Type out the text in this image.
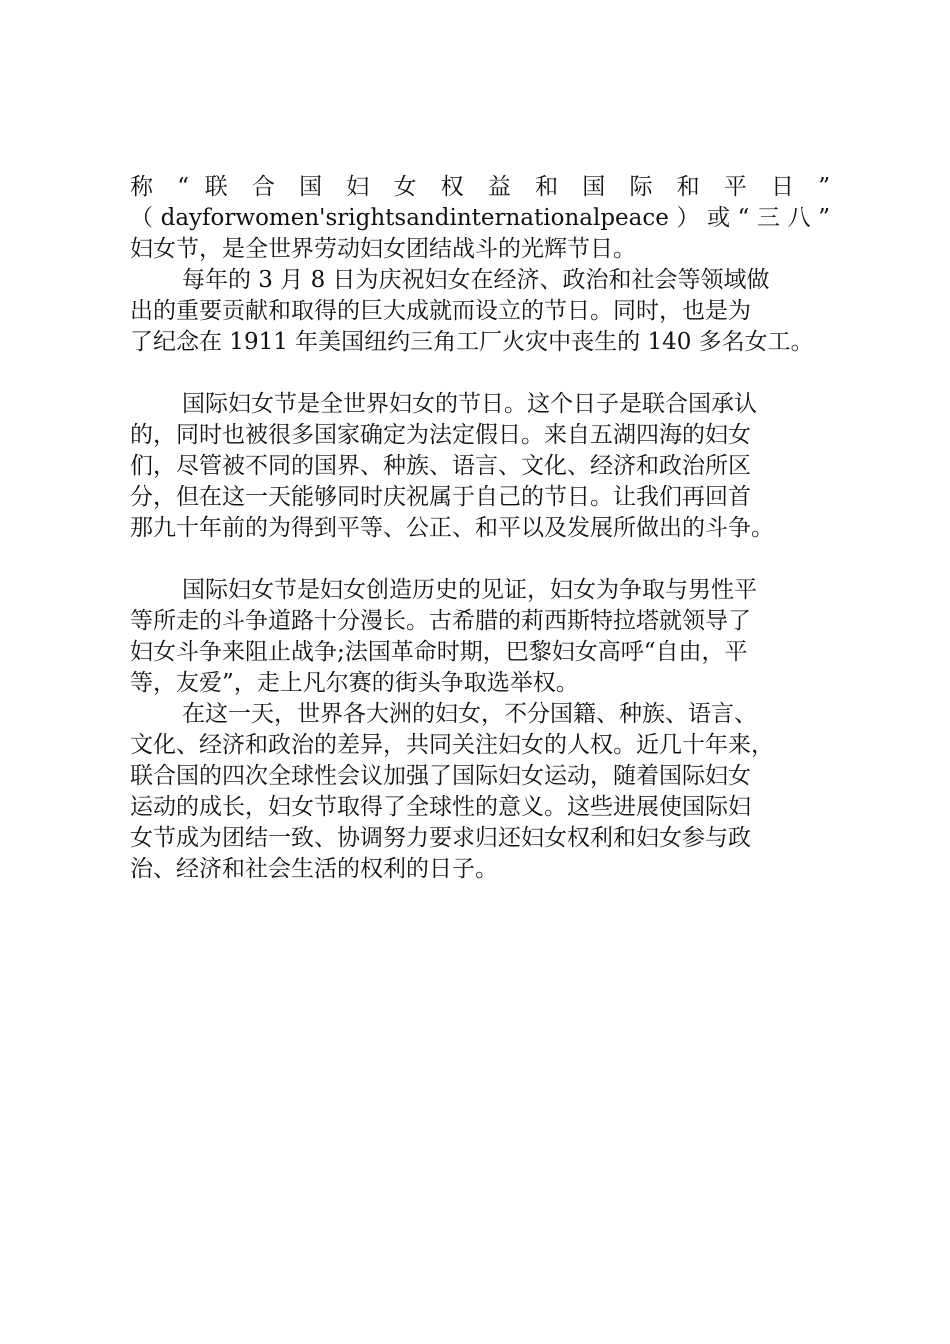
称 “ 联 合 国 妇 女 权 益 和 国 际 和 平 日 ”
（dayforwomen'srightsandinternationalpeace）或“三八”
妇女节，是全世界劳动妇女团结战斗的光辉节日。
每年的 3 月 8 日为庆祝妇女在经济、政治和社会等领域做
出的重要贡献和取得的巨大成就而设立的节日。同时，也是为
了纪念在 1911 年美国纽约三角工厂火灾中丧生的 140 多名女工。
国际妇女节是全世界妇女的节日。这个日子是联合国承认
的，同时也被很多国家确定为法定假日。来自五湖四海的妇女
们，尽管被不同的国界、种族、语言、文化、经济和政治所区
分，但在这一天能够同时庆祝属于自己的节日。让我们再回首
那九十年前的为得到平等、公正、和平以及发展所做出的斗争。
国际妇女节是妇女创造历史的见证，妇女为争取与男性平
等所走的斗争道路十分漫长。古希腊的莉西斯特拉塔就领导了
妇女斗争来阻止战争;法国革命时期，巴黎妇女高呼“自由，平
等，友爱”，走上凡尔赛的街头争取选举权。
在这一天，世界各大洲的妇女，不分国籍、种族、语言、
文化、经济和政治的差异，共同关注妇女的人权。近几十年来，
联合国的四次全球性会议加强了国际妇女运动，随着国际妇女
运动的成长，妇女节取得了全球性的意义。这些进展使国际妇
女节成为团结一致、协调努力要求归还妇女权利和妇女参与政
治、经济和社会生活的权利的日子。
